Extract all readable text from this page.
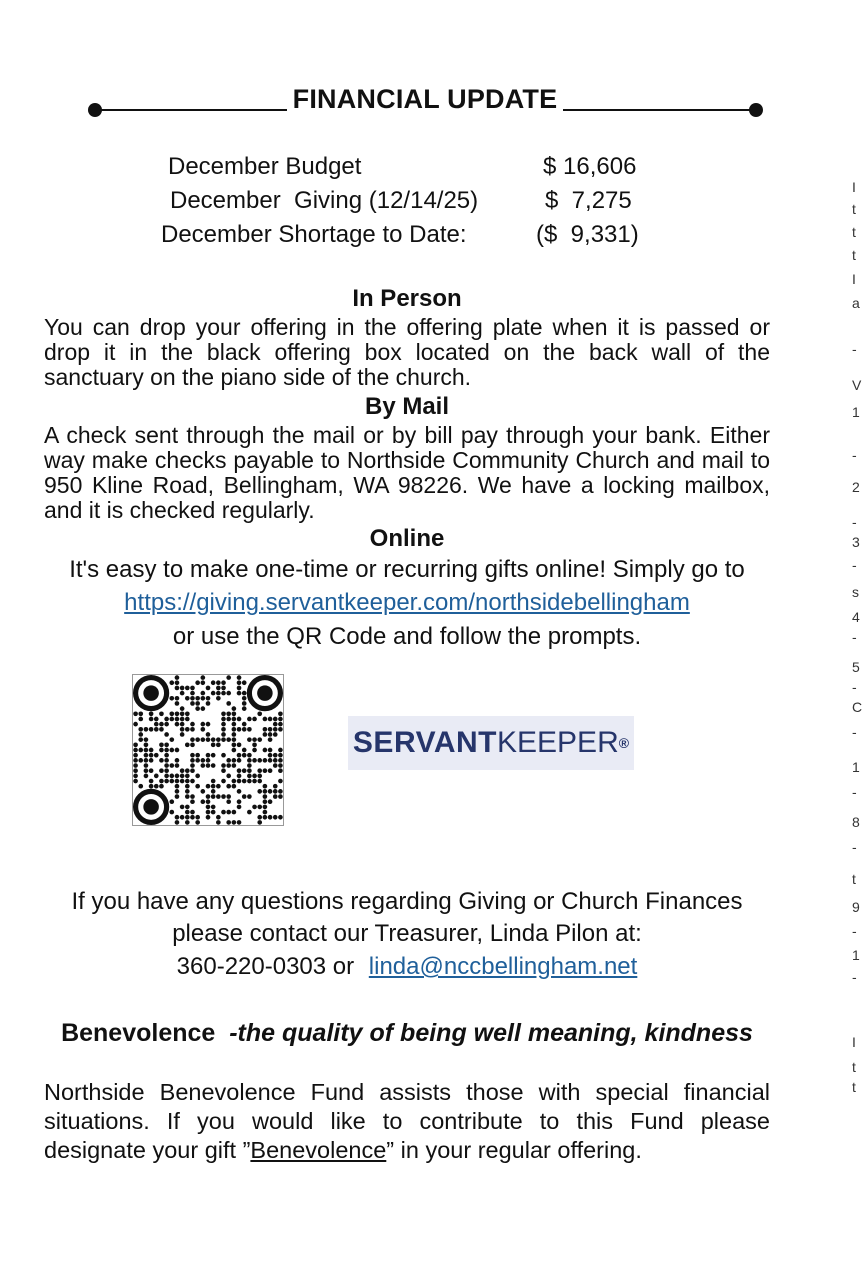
FINANCIAL UPDATE
December Budget	$ 16,606
December  Giving (12/14/25)	$  7,275
December Shortage to Date:	($  9,331)
In Person
You can drop your offering in the offering plate when it is passed or drop it in the black offering box located on the back wall of the sanctuary on the piano side of the church.
By Mail
A check sent through the mail or by bill pay through your bank. Either way make checks payable to Northside Community Church and mail to 950 Kline Road, Bellingham, WA 98226. We have a locking mailbox, and it is checked regularly.
Online
It's easy to make one-time or recurring gifts online! Simply go to
https://giving.servantkeeper.com/northsidebellingham
or use the QR Code and follow the prompts.
SERVANT KEEPER ®
If you have any questions regarding Giving or Church Finances
please contact our Treasurer, Linda Pilon at:
360-220-0303 or linda@nccbellingham.net
Benevolence -the quality of being well meaning, kindness
Northside Benevolence Fund assists those with special financial situations. If you would like to contribute to this Fund please designate your gift ”Benevolence” in your regular offering.
I
t
t
t
I
a
-
V
1
-
2
-
3
-
s
4
-
5
-
C
-
1
-
8
-
t
9
-
1
-
I
t
t
